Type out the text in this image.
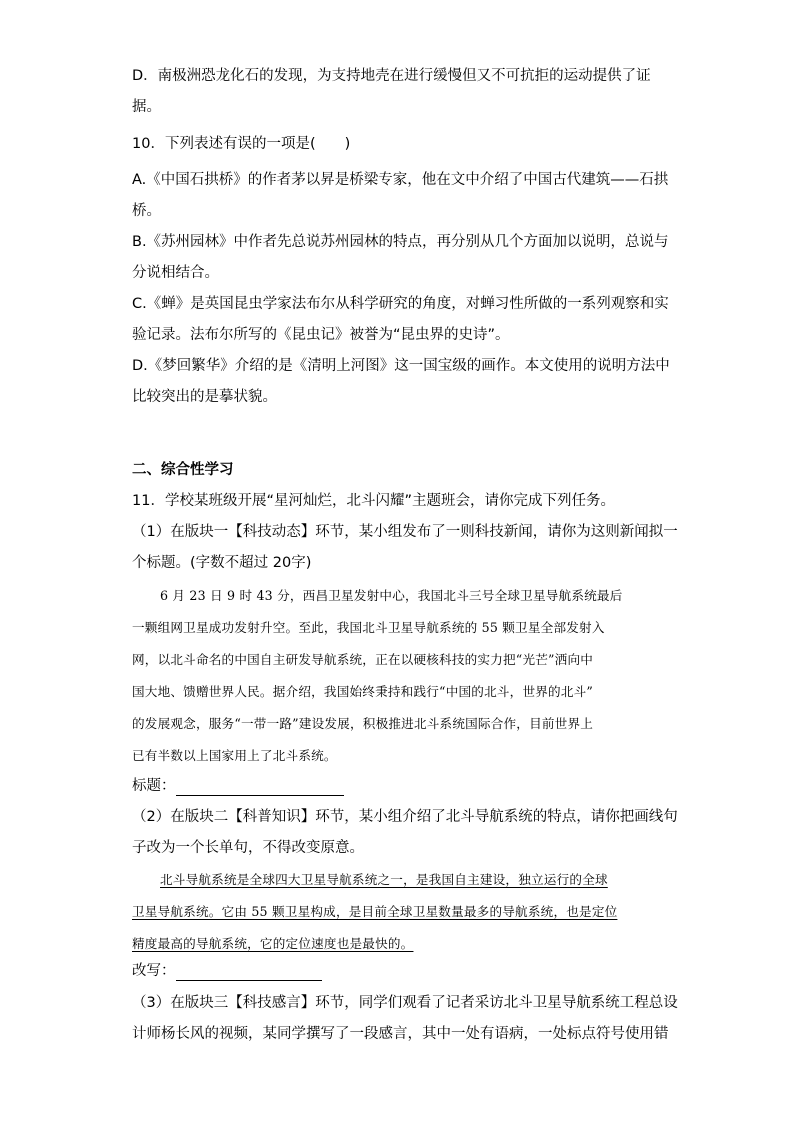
D．南极洲恐龙化石的发现，为支持地壳在进行缓慢但又不可抗拒的运动提供了证
据。
10．下列表述有误的一项是(　　)
A.《中国石拱桥》的作者茅以昇是桥梁专家，他在文中介绍了中国古代建筑——石拱
桥。
B.《苏州园林》中作者先总说苏州园林的特点，再分别从几个方面加以说明，总说与
分说相结合。
C.《蝉》是英国昆虫学家法布尔从科学研究的角度，对蝉习性所做的一系列观察和实
验记录。法布尔所写的《昆虫记》被誉为“昆虫界的史诗”。
D.《梦回繁华》介绍的是《清明上河图》这一国宝级的画作。本文使用的说明方法中
比较突出的是摹状貌。
二、综合性学习
11．学校某班级开展“星河灿烂，北斗闪耀”主题班会，请你完成下列任务。
（1）在版块一【科技动态】环节，某小组发布了一则科技新闻，请你为这则新闻拟一
个标题。(字数不超过 20字)
6 月 23 日 9 时 43 分，西昌卫星发射中心，我国北斗三号全球卫星导航系统最后
一颗组网卫星成功发射升空。至此，我国北斗卫星导航系统的 55 颗卫星全部发射入
网，以北斗命名的中国自主研发导航系统，正在以硬核科技的实力把“光芒”洒向中
国大地、馈赠世界人民。据介绍，我国始终秉持和践行“中国的北斗，世界的北斗”
的发展观念，服务“一带一路”建设发展，积极推进北斗系统国际合作，目前世界上
已有半数以上国家用上了北斗系统。
标题：
（2）在版块二【科普知识】环节，某小组介绍了北斗导航系统的特点，请你把画线句
子改为一个长单句，不得改变原意。
北斗导航系统是全球四大卫星导航系统之一，是我国自主建设，独立运行的全球
卫星导航系统。它由 55 颗卫星构成，是目前全球卫星数量最多的导航系统，也是定位
精度最高的导航系统，它的定位速度也是最快的。
改写：
（3）在版块三【科技感言】环节，同学们观看了记者采访北斗卫星导航系统工程总设
计师杨长风的视频，某同学撰写了一段感言，其中一处有语病，一处标点符号使用错
